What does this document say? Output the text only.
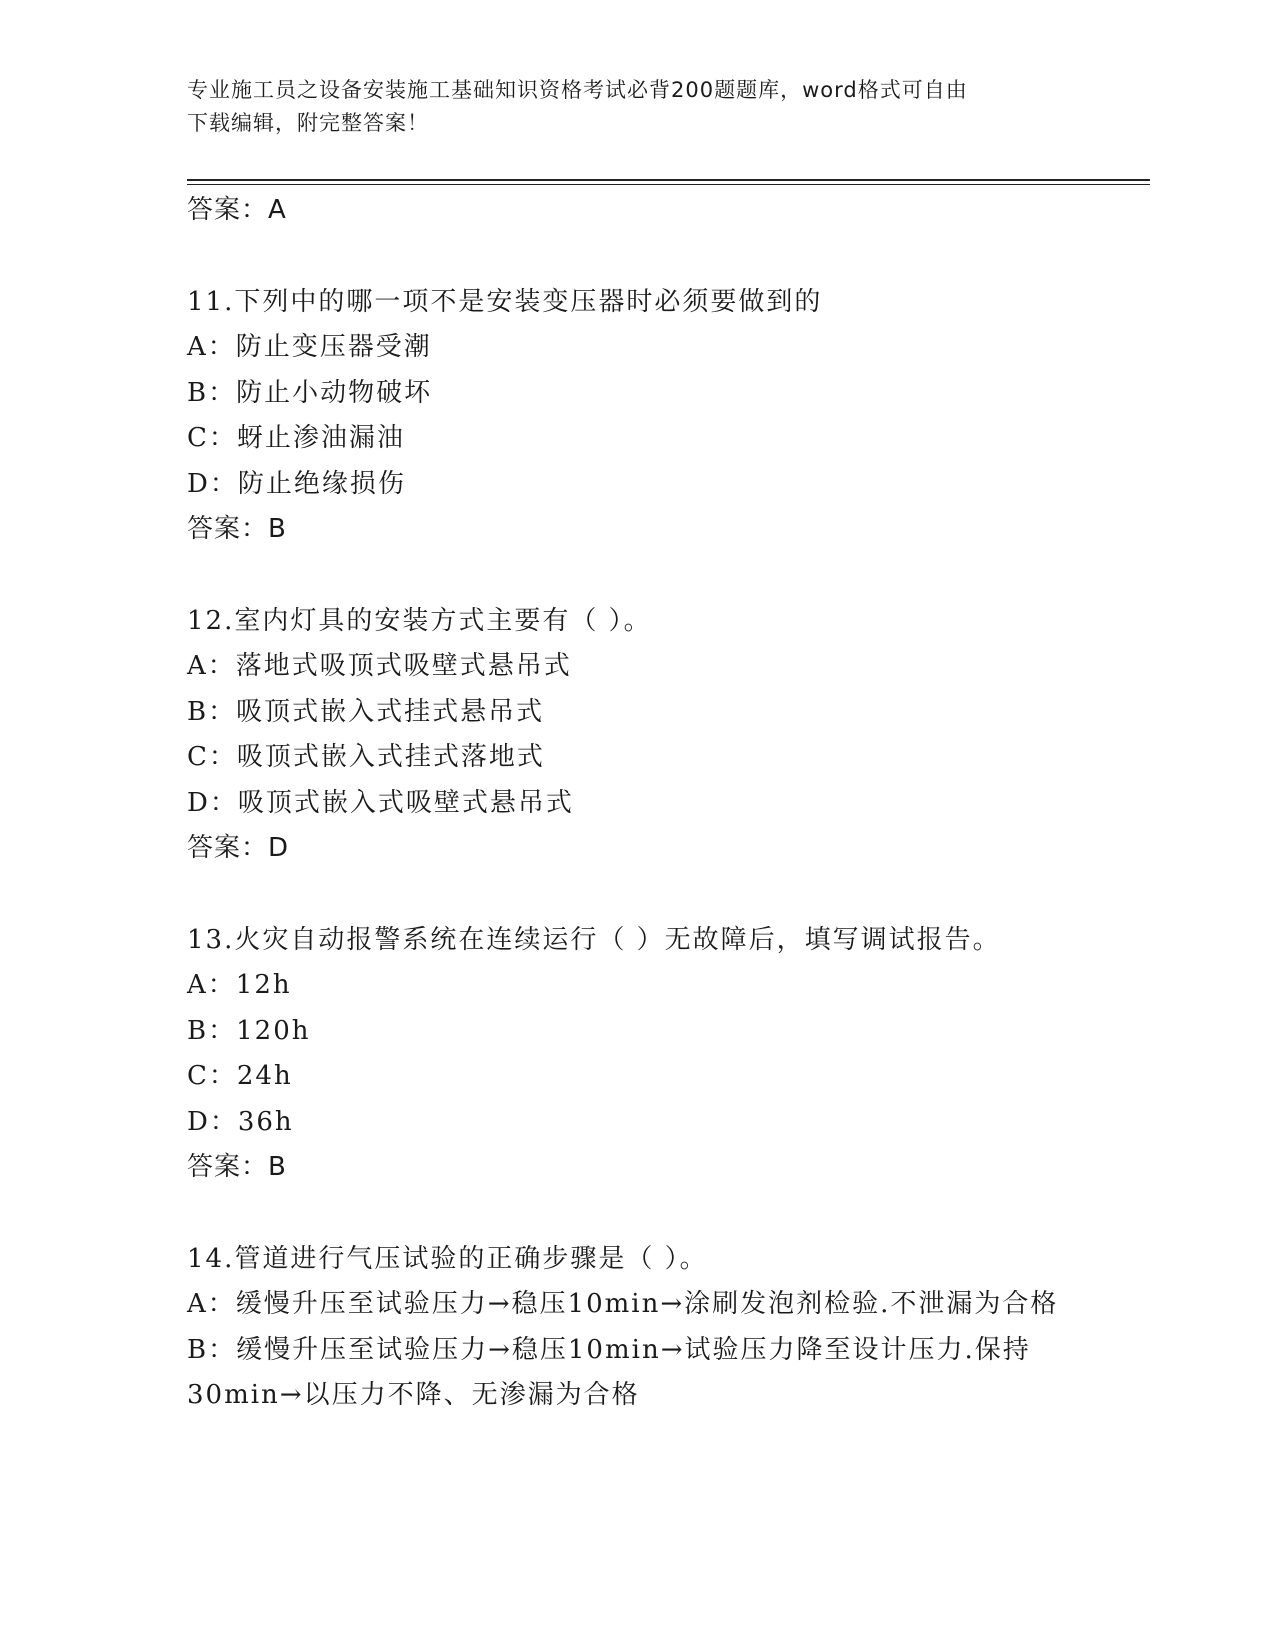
专业施工员之设备安装施工基础知识资格考试必背200题题库，word格式可自由
下载编辑，附完整答案！
答案：A
11.下列中的哪一项不是安装变压器时必须要做到的
A：防止变压器受潮
B：防止小动物破坏
C：蚜止渗油漏油
D：防止绝缘损伤
答案：B
12.室内灯具的安装方式主要有（ ）。
A：落地式吸顶式吸壁式悬吊式
B：吸顶式嵌入式挂式悬吊式
C：吸顶式嵌入式挂式落地式
D：吸顶式嵌入式吸壁式悬吊式
答案：D
13.火灾自动报警系统在连续运行（ ）无故障后，填写调试报告。
A：12h
B：120h
C：24h
D：36h
答案：B
14.管道进行气压试验的正确步骤是（ ）。
A：缓慢升压至试验压力→稳压10min→涂刷发泡剂检验.不泄漏为合格
B：缓慢升压至试验压力→稳压10min→试验压力降至设计压力.保持
30min→以压力不降、无渗漏为合格
